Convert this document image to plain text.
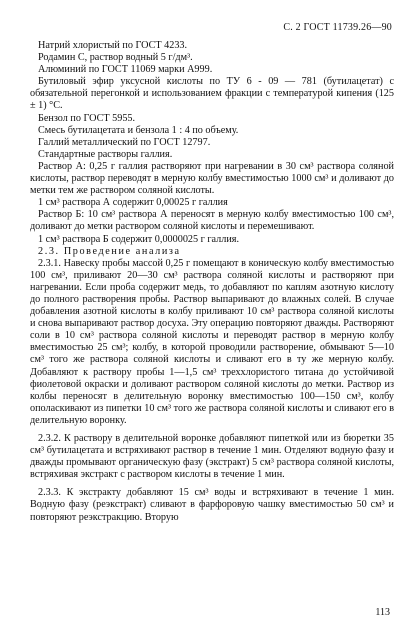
С. 2 ГОСТ 11739.26—90

Натрий хлористый по ГОСТ 4233.

Родамин С, раствор водный 5 г/дм³.

Алюминий по ГОСТ 11069 марки А999.

Бутиловый эфир уксусной кислоты по ТУ 6 - 09 — 781 (бутилацетат) с обязательной перегонкой и использованием фракции с температурой кипения (125 ± 1) °С.

Бензол по ГОСТ 5955.

Смесь бутилацетата и бензола 1 : 4 по объему.

Галлий металлический по ГОСТ 12797.

Стандартные растворы галлия.

Раствор А: 0,25 г галлия растворяют при нагревании в 30 см³ раствора соляной кислоты, раствор переводят в мерную колбу вместимостью 1000 см³ и доливают до метки тем же раствором соляной кислоты.

1 см³ раствора А содержит 0,00025 г галлия

Раствор Б: 10 см³ раствора А переносят в мерную колбу вместимостью 100 см³, доливают до метки раствором соляной кислоты и перемешивают.

1 см³ раствора Б содержит 0,0000025 г галлия.

2.3. Проведение анализа

2.3.1. Навеску пробы массой 0,25 г помещают в коническую колбу вместимостью 100 см³, приливают 20—30 см³ раствора соляной кислоты и растворяют при нагревании. Если проба содержит медь, то добавляют по каплям азотную кислоту до полного растворения пробы. Раствор выпаривают до влажных солей. В случае добавления азотной кислоты в колбу приливают 10 см³ раствора соляной кислоты и снова выпаривают раствор досуха. Эту операцию повторяют дважды. Растворяют соли в 10 см³ раствора соляной кислоты и переводят раствор в мерную колбу вместимостью 25 см³; колбу, в которой проводили растворение, обмывают 5—10 см³ того же раствора соляной кислоты и сливают его в ту же мерную колбу. Добавляют к раствору пробы 1—1,5 см³ треххлористого титана до устойчивой фиолетовой окраски и доливают раствором соляной кислоты до метки. Раствор из колбы переносят в делительную воронку вместимостью 100—150 см³, колбу ополаскивают из пипетки 10 см³ того же раствора соляной кислоты и сливают его в делительную воронку.

2.3.2. К раствору в делительной воронке добавляют пипеткой или из бюретки 35 см³ бутилацетата и встряхивают раствор в течение 1 мин. Отделяют водную фазу и дважды промывают органическую фазу (экстракт) 5 см³ раствора соляной кислоты, встряхивая экстракт с раствором кислоты в течение 1 мин.

2.3.3. К экстракту добавляют 15 см³ воды и встряхивают в течение 1 мин. Водную фазу (реэкстракт) сливают в фарфоровую чашку вместимостью 50 см³ и повторяют реэкстракцию. Вторую

113
